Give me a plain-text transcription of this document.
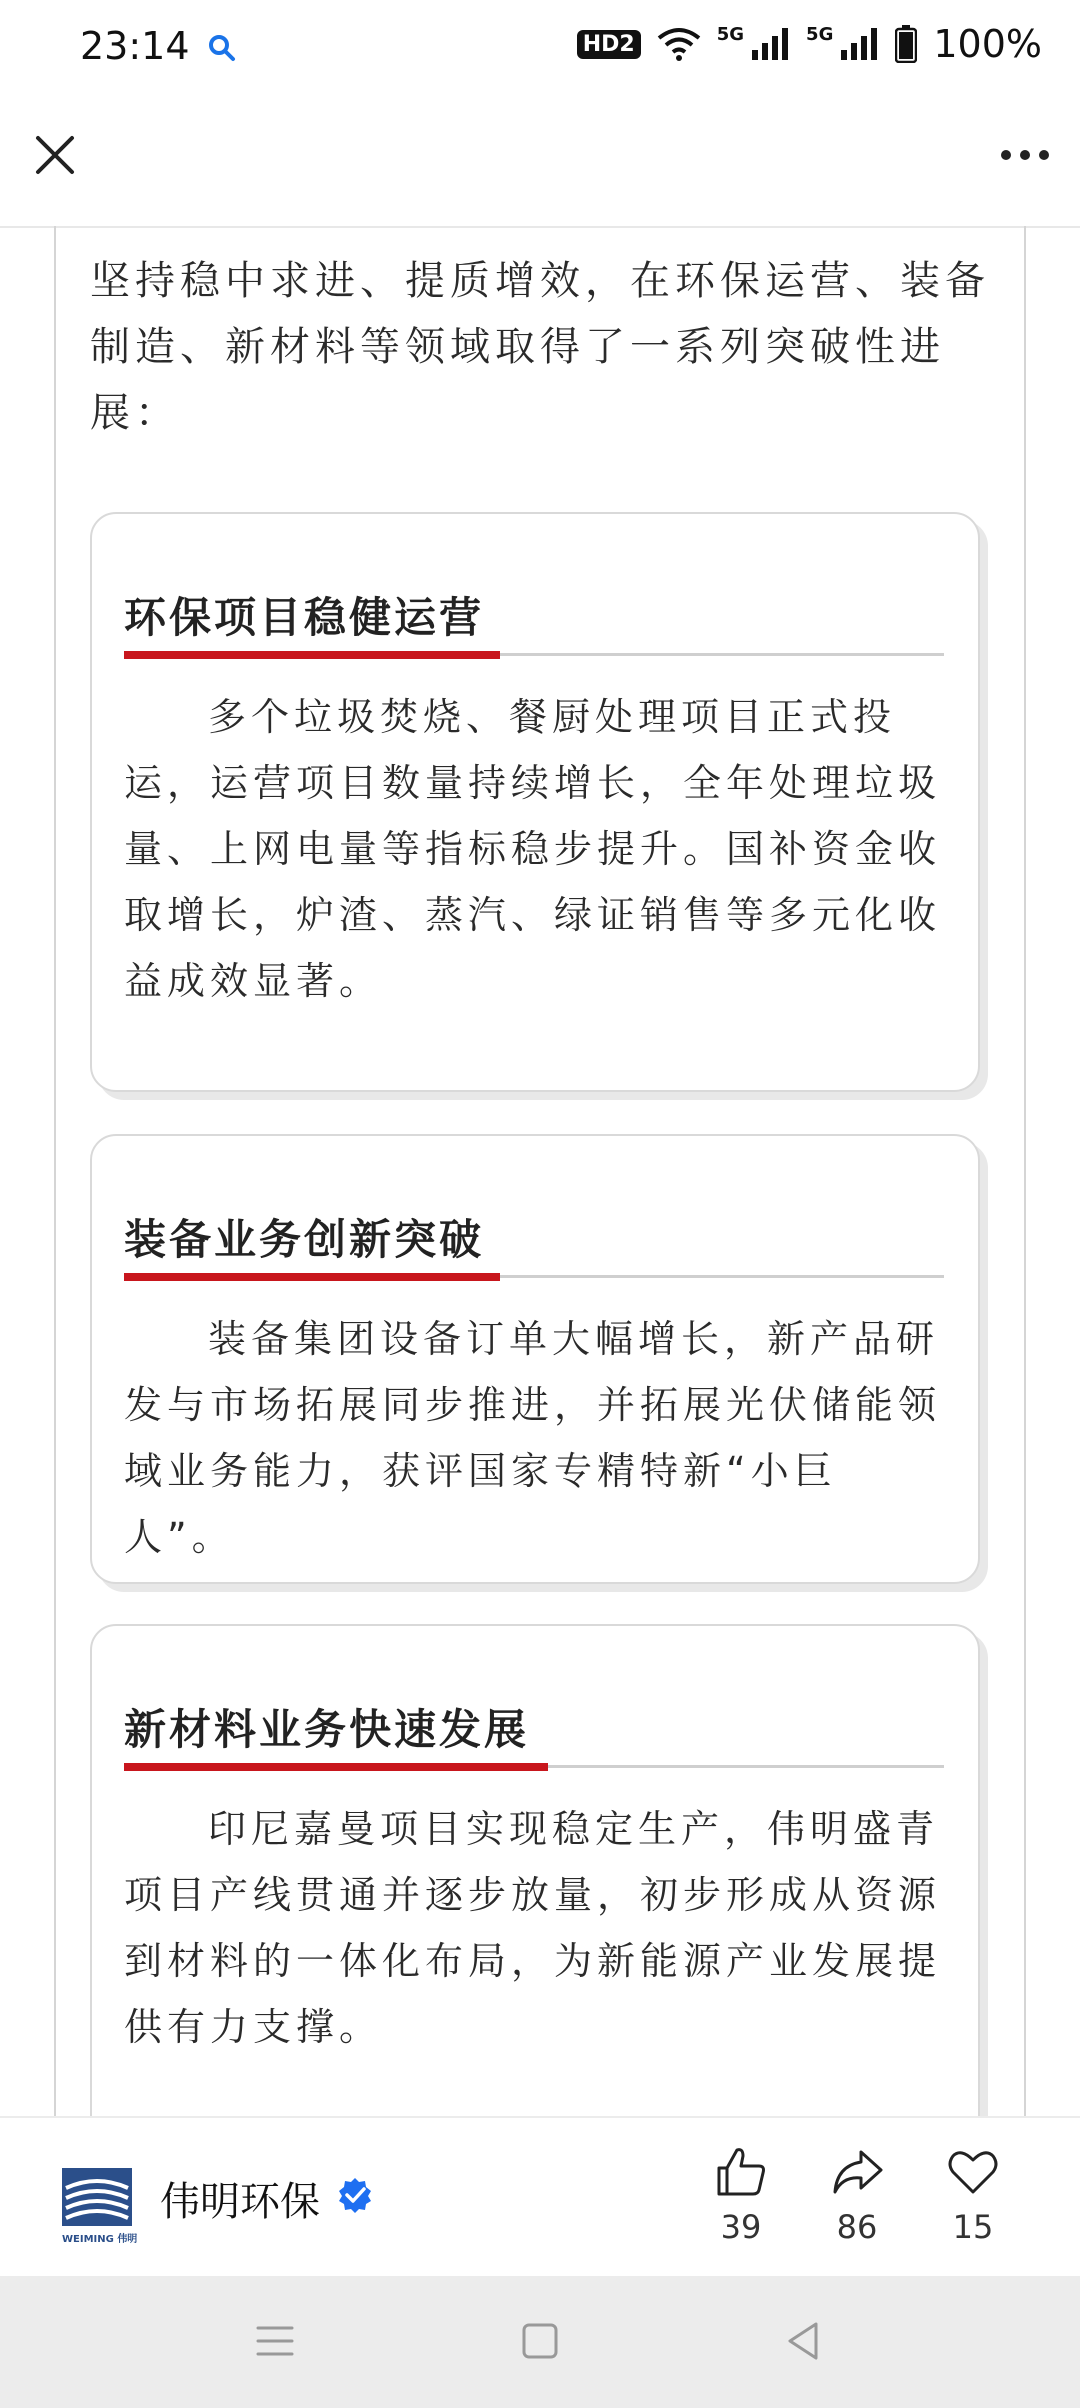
23:14	HD2	5G	5G	100%

坚持稳中求进、提质增效，在环保运营、装备制造、新材料等领域取得了一系列突破性进展：

环保项目稳健运营

多个垃圾焚烧、餐厨处理项目正式投运，运营项目数量持续增长，全年处理垃圾量、上网电量等指标稳步提升。国补资金收取增长，炉渣、蒸汽、绿证销售等多元化收益成效显著。

装备业务创新突破

装备集团设备订单大幅增长，新产品研发与市场拓展同步推进，并拓展光伏储能领域业务能力，获评国家专精特新“小巨人”。

新材料业务快速发展

印尼嘉曼项目实现稳定生产，伟明盛青项目产线贯通并逐步放量，初步形成从资源到材料的一体化布局，为新能源产业发展提供有力支撑。

WEIMING 伟明
伟明环保
39	86	15
